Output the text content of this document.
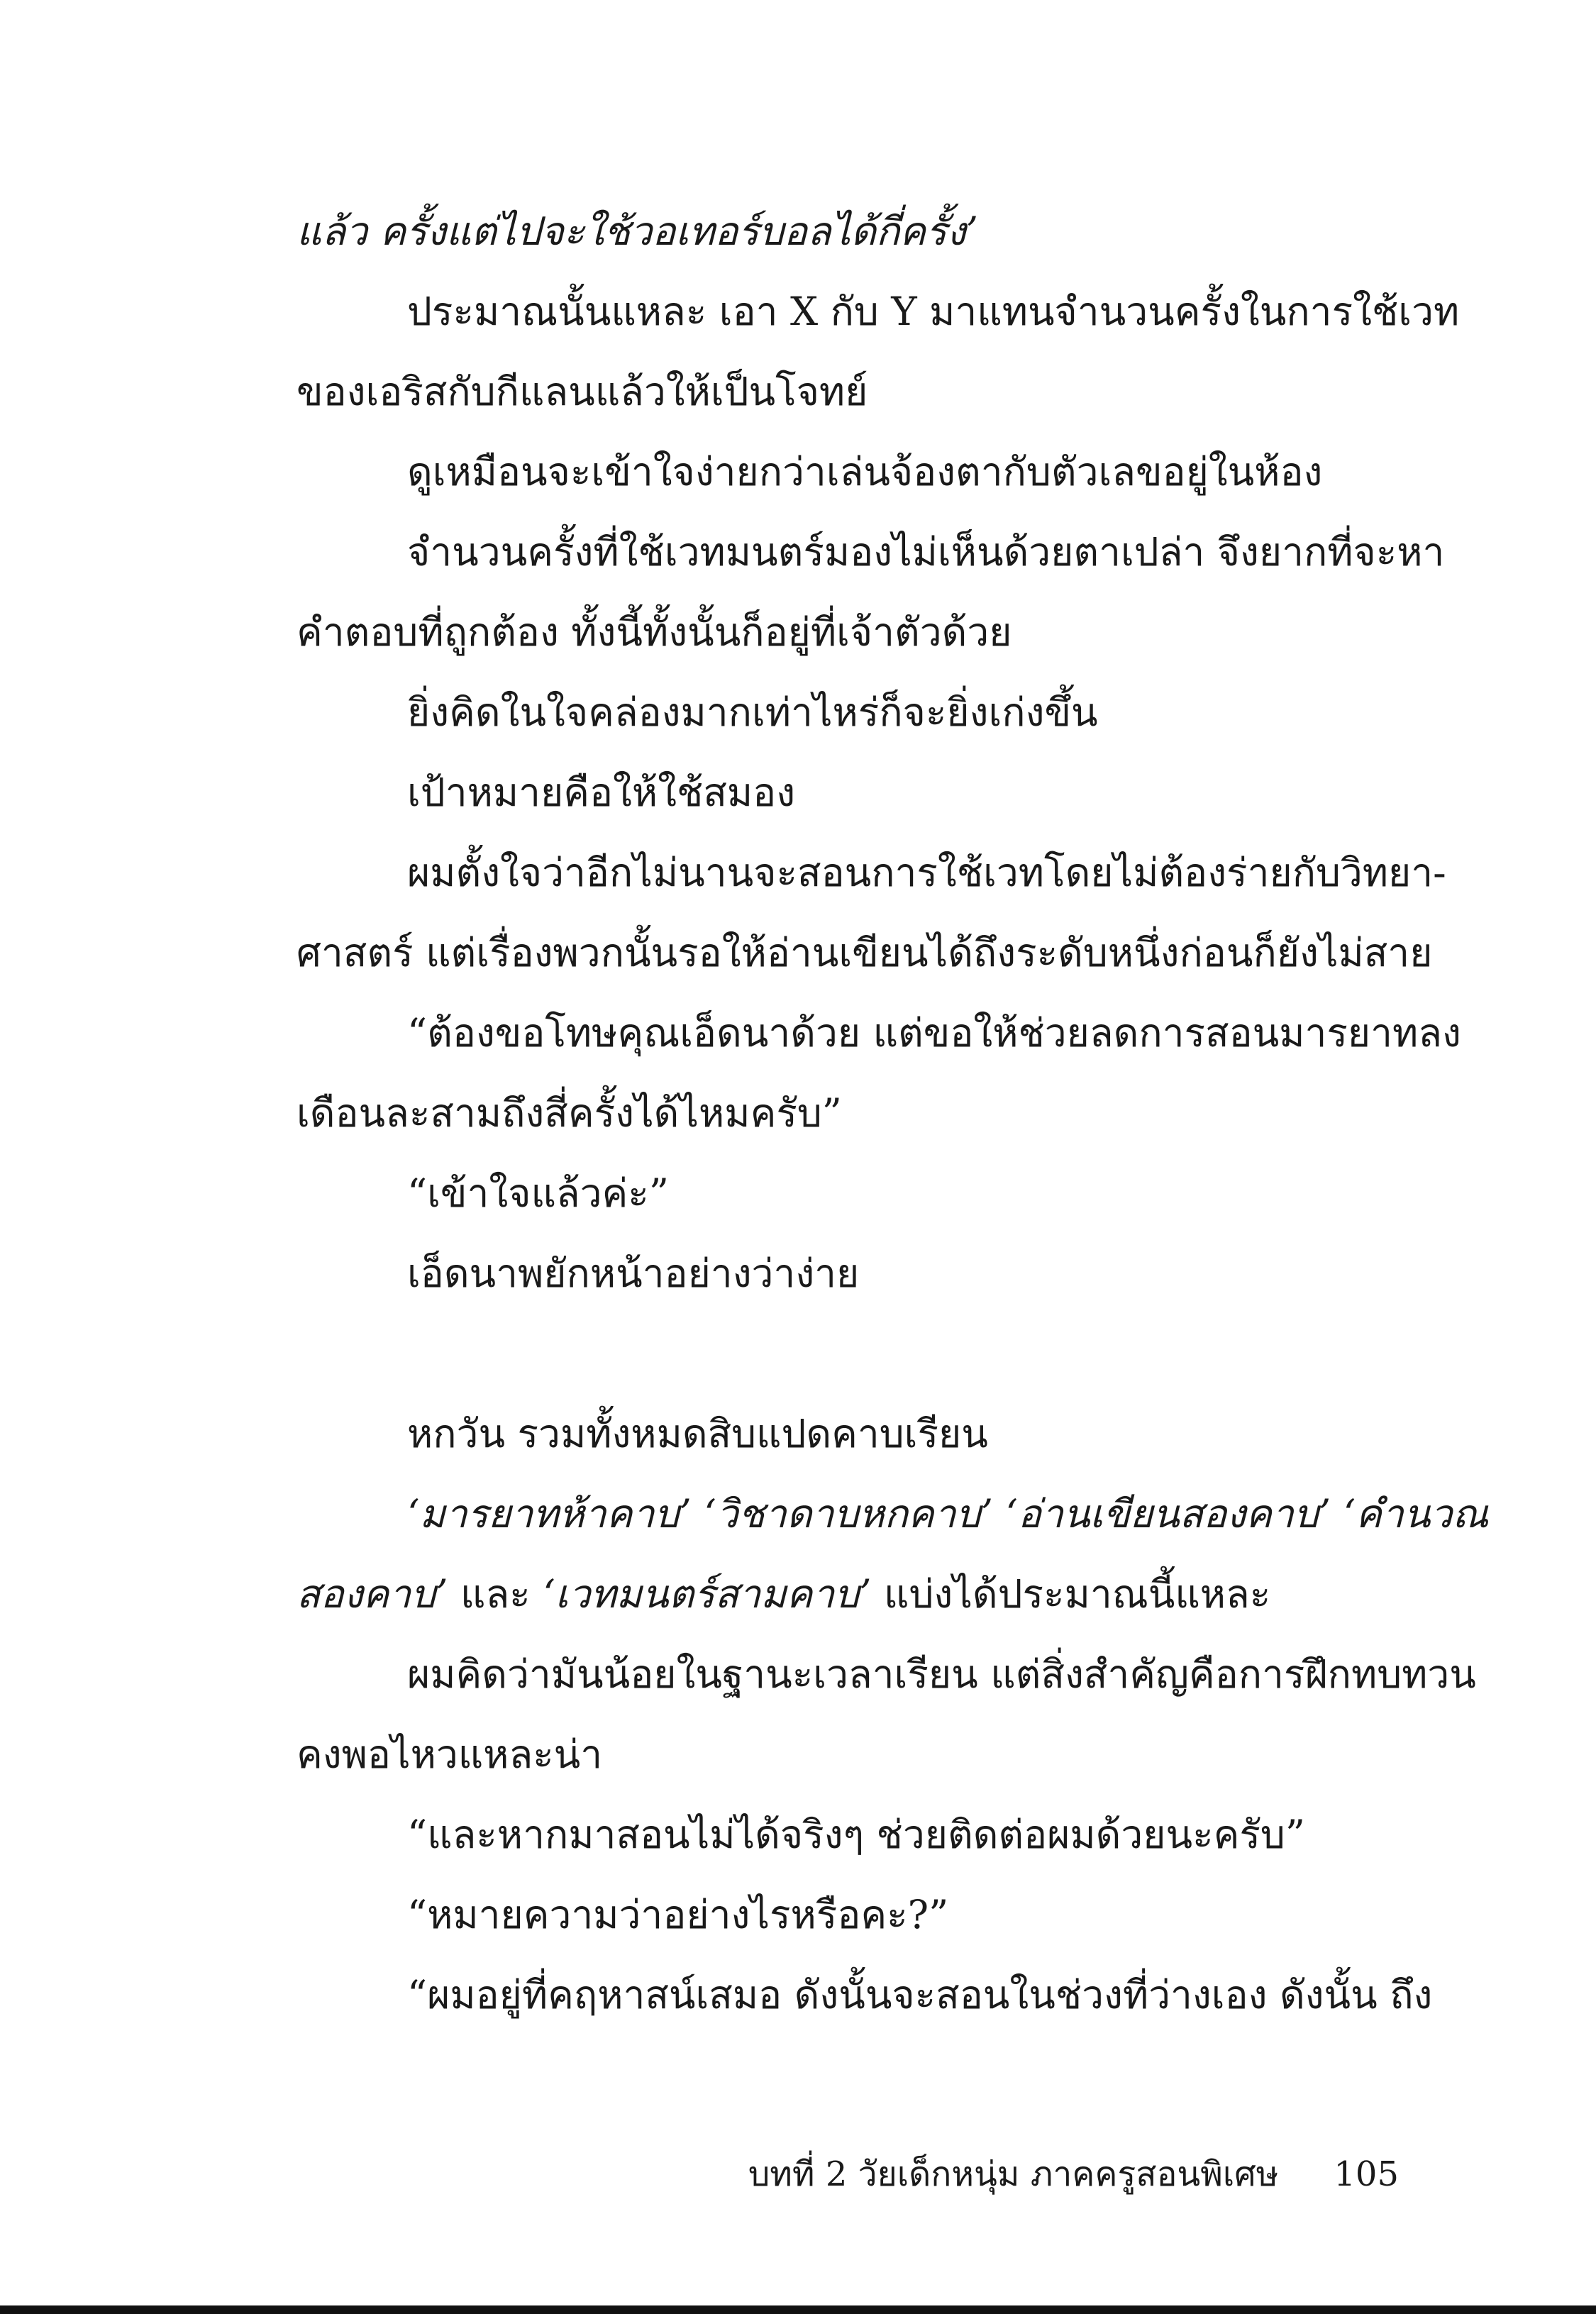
แล้ว ครั้งแต่ไปจะใช้วอเทอร์บอลได้กี่ครั้ง’
ประมาณนั้นแหละ เอา X กับ Y มาแทนจำนวนครั้งในการใช้เวท
ของเอริสกับกีแลนแล้วให้เป็นโจทย์
ดูเหมือนจะเข้าใจง่ายกว่าเล่นจ้องตากับตัวเลขอยู่ในห้อง
จำนวนครั้งที่ใช้เวทมนตร์มองไม่เห็นด้วยตาเปล่า จึงยากที่จะหา
คำตอบที่ถูกต้อง ทั้งนี้ทั้งนั้นก็อยู่ที่เจ้าตัวด้วย
ยิ่งคิดในใจคล่องมากเท่าไหร่ก็จะยิ่งเก่งขึ้น
เป้าหมายคือให้ใช้สมอง
ผมตั้งใจว่าอีกไม่นานจะสอนการใช้เวทโดยไม่ต้องร่ายกับวิทยา-
ศาสตร์ แต่เรื่องพวกนั้นรอให้อ่านเขียนได้ถึงระดับหนึ่งก่อนก็ยังไม่สาย
“ต้องขอโทษคุณเอ็ดนาด้วย แต่ขอให้ช่วยลดการสอนมารยาทลง
เดือนละสามถึงสี่ครั้งได้ไหมครับ”
“เข้าใจแล้วค่ะ”
เอ็ดนาพยักหน้าอย่างว่าง่าย
หกวัน รวมทั้งหมดสิบแปดคาบเรียน
‘มารยาทห้าคาบ’ ‘วิชาดาบหกคาบ’ ‘อ่านเขียนสองคาบ’ ‘คำนวณ
สองคาบ’ และ ‘เวทมนตร์สามคาบ’ แบ่งได้ประมาณนี้แหละ
ผมคิดว่ามันน้อยในฐานะเวลาเรียน แต่สิ่งสำคัญคือการฝึกทบทวน
คงพอไหวแหละน่า
“และหากมาสอนไม่ได้จริงๆ ช่วยติดต่อผมด้วยนะครับ”
“หมายความว่าอย่างไรหรือคะ?”
“ผมอยู่ที่คฤหาสน์เสมอ ดังนั้นจะสอนในช่วงที่ว่างเอง ดังนั้น ถึง
บทที่ 2 วัยเด็กหนุ่ม ภาคครูสอนพิเศษ 105
